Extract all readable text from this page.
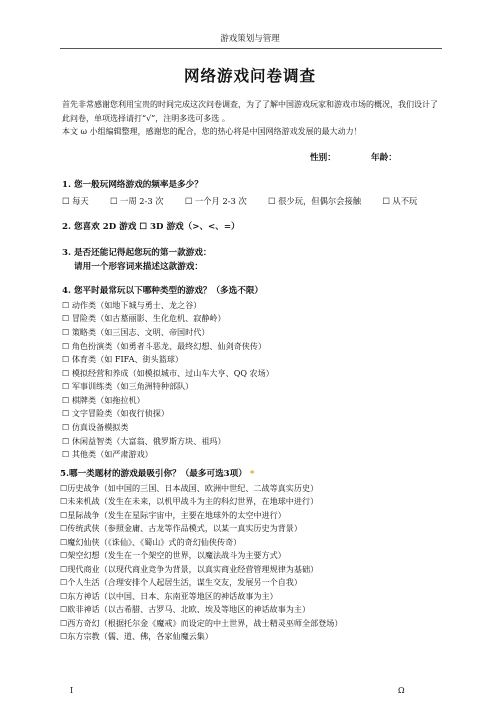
游戏策划与管理
网络游戏问卷调查

首先非常感谢您利用宝贵的时间完成这次问卷调查，为了了解中国游戏玩家和游戏市场的概况，我们设计了此问卷，单项选择请打“√”，注明多选可多选 。

本文 ω 小组编辑整理，感谢您的配合，您的热心将是中国网络游戏发展的最大动力！

性别：	年龄：
1. 您一般玩网络游戏的频率是多少？
☐ 每天	☐ 一周 2-3 次	☐ 一个月 2-3 次	☐ 很少玩，但偶尔会接触	☐ 从不玩
2. 您喜欢 2D 游戏 ☐ 3D 游戏（>、<、=）
3. 是否还能记得起您玩的第一款游戏：
请用一个形容词来描述这款游戏：
4. 您平时最常玩以下哪种类型的游戏？（多选不限）
☐ 动作类（如地下城与勇士、龙之谷）
☐ 冒险类（如古墓丽影、生化危机、寂静岭）
☐ 策略类（如三国志、文明、帝国时代）
☐ 角色扮演类（如勇者斗恶龙、最终幻想、仙剑奇侠传）
☐ 体育类（如 FIFA、街头篮球）
☐ 模拟经营和养成（如模拟城市、过山车大亨、QQ 农场）
☐ 军事训练类（如三角洲特种部队）
☐ 棋牌类（如拖拉机）
☐ 文字冒险类（如夜行侦探）
☐ 仿真设备模拟类
☐ 休闲益智类（大富翁、俄罗斯方块、祖玛）
☐ 其他类（如严肃游戏）
5.哪一类题材的游戏最吸引你？（最多可选3项） *
☐历史战争（如中国的三国、日本战国、欧洲中世纪、二战等真实历史）
☐未来机战（发生在未来，以机甲战斗为主的科幻世界，在地球中进行）
☐星际战争（发生在星际宇宙中，主要在地球外的太空中进行）
☐传统武侠（参照金庸、古龙等作品模式，以某一真实历史为背景）
☐魔幻仙侠（《诛仙》、《蜀山》式的奇幻仙侠传奇）
☐架空幻想（发生在一个架空的世界，以魔法战斗为主要方式）
☐现代商业（以现代商业竞争为背景，以真实商业经营管理规律为基础）
☐个人生活（合理安排个人起居生活，谋生交友，发展另一个自我）
☐东方神话（以中国、日本、东南亚等地区的神话故事为主）
☐欧非神话（以古希腊、古罗马、北欧、埃及等地区的神话故事为主）
☐西方奇幻（根据托尔金《魔戒》而设定的中土世界，战士精灵巫师全部登场）
☐东方宗教（儒、道、佛，各家仙魔云集）
I	Ω
